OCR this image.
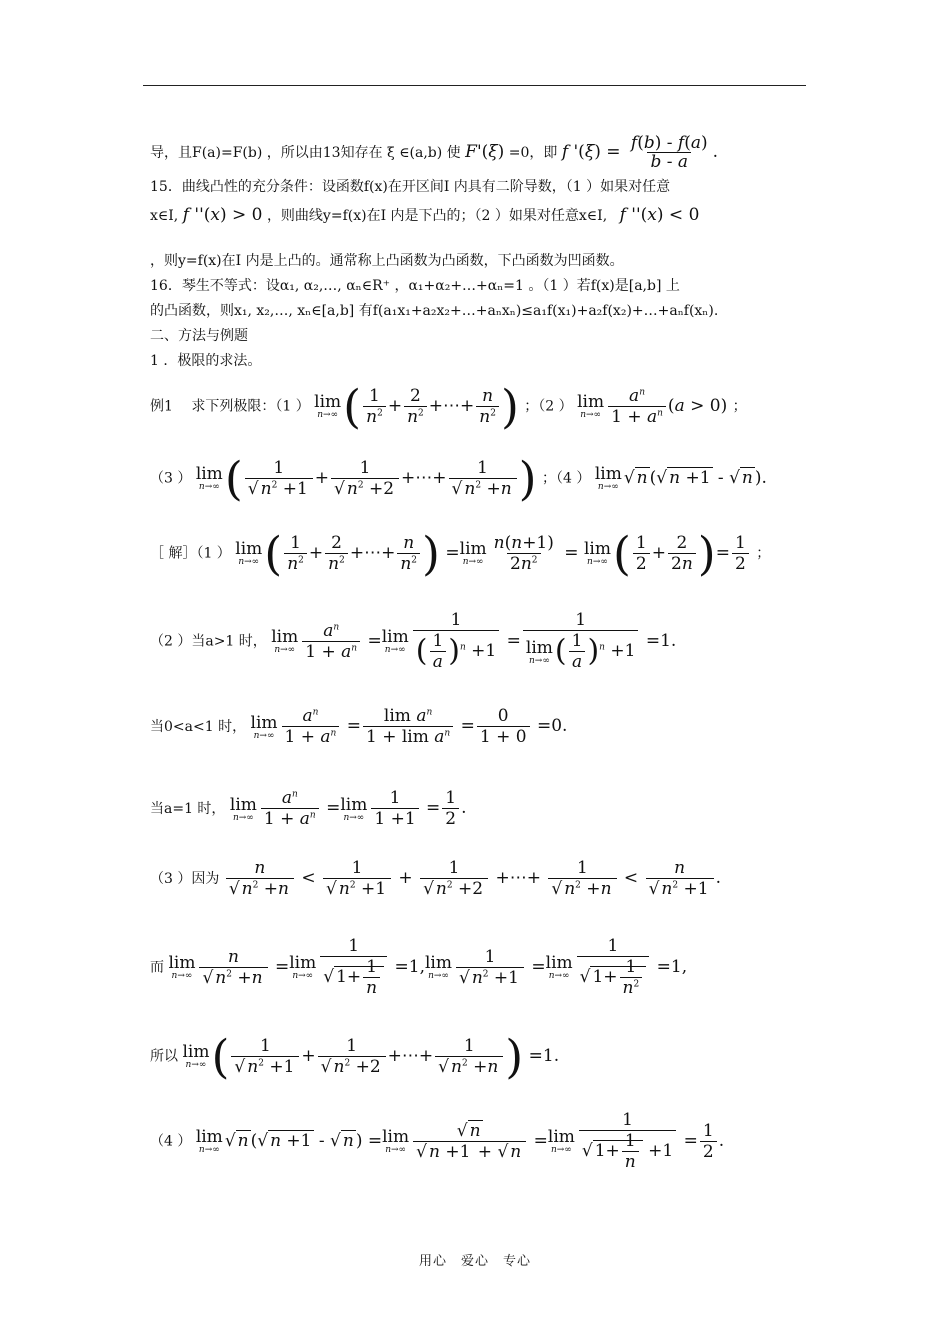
导，且F(a)=F(b) ，所以由13知存在 ξ ∈(a,b) 使 F'(ξ) =0，即 f '$(\xi) = \frac{f(b) - f(a)}{b - a}$ .
15．曲线凸性的充分条件：设函数f(x)在开区间I 内具有二阶导数，（1 ）如果对任意
x∈I, f ''(x) > 0 ，则曲线y=f(x)在I 内是下凸的；（2 ）如果对任意x∈I, f ''(x) < 0
，则y=f(x)在I 内是上凸的。通常称上凸函数为凸函数，下凸函数为凹函数。
16．琴生不等式：设α₁, α₂,…, αₙ∈R⁺ ，α₁+α₂+…+αₙ=1 。（1 ）若f(x)是[a,b] 上
的凸函数，则x₁, x₂,…, xₙ∈[a,b] 有f(a₁x₁+a₂x₂+…+aₙxₙ)≤a₁f(x₁)+a₂f(x₂)+…+aₙf(xₙ).
二、方法与例题
1 ．极限的求法。
例1　 求下列极限：（1 ） lim
n→∞ ( $\frac{1}{n^2} + \frac{2}{n^2}$ +⋯+ $\frac{n}{n^2}$ ) ；（2 ） lim
$n\to\infty \frac{a^n}{1 + a^n} (a > 0)$ ；
（3 ） lim
n→∞ ( $\frac{1}{√ n^2 +1} + \frac{1}{√ n^2 +2}$ +⋯+ $\frac{1}{√ n^2 +n}$ ) ；（4 ） lim
n→∞ √ n (√ n +1 - √ n ).
［ 解］（1 ） lim
n→∞ ( $\frac{1}{n^2} + \frac{2}{n^2}$ +⋯+ $\frac{n}{n^2}$ ) = lim
$n\to\infty \frac{n(n+1)}{2n^2} = \lim$
n→∞ ( $\frac{1}{2} + \frac{2}{2n}$ )= $\frac{1}{2}$ ；
（2 ）当a>1 时， lim
$n\to\infty \frac{a^n}{1 + a^n} = \lim$
$n\to\infty \frac{1}{( \frac{1}{a} )^n +1} = 1$
lim
n→∞ ( $\frac{1}{a} )^n +1 =1$.
当0<a<1 时， lim
$n\to\infty \frac{a^n}{1 + a^n} = \frac{\lim a^n}{1 + \lim a^n} = \frac{0}{1 + 0} =0$.
当a=1 时， lim
$n\to\infty \frac{a^n}{1 + a^n} = \lim$
$n\to\infty \frac{1}{1 +1} = \frac{1}{2}$ .
（3 ）因为 $\frac{n}{√ n^2 +n} < \frac{1}{√ n^2 +1} + \frac{1}{√ n^2 +2}$ +⋯+ $\frac{1}{√ n^2 +n} < \frac{n}{√ n^2 +1}$ .
而 lim
$n\to\infty \frac{n}{√ n^2 +n} = \lim$
$n\to\infty \frac{1}{√ 1+ \frac{1}{n}} =1$, lim
$n\to\infty \frac{1}{√ n^2 +1} = \lim$
$n\to\infty \frac{1}{√ 1+ \frac{1}{n^2}} =1$,
所以 lim
n→∞ ( $\frac{1}{√ n^2 +1} + \frac{1}{√ n^2 +2}$ +⋯+ $\frac{1}{√ n^2 +n}$ ) =1.
（4 ） lim
n→∞ √ n (√ n +1 - √ n ) = lim
$n\to\infty \frac{√ n}{√ n +1 + √ n} = \lim$
$n\to\infty \frac{1}{√ 1+ \frac{1}{n} +1} = \frac{1}{2}$ .
用心　爱心　专心
